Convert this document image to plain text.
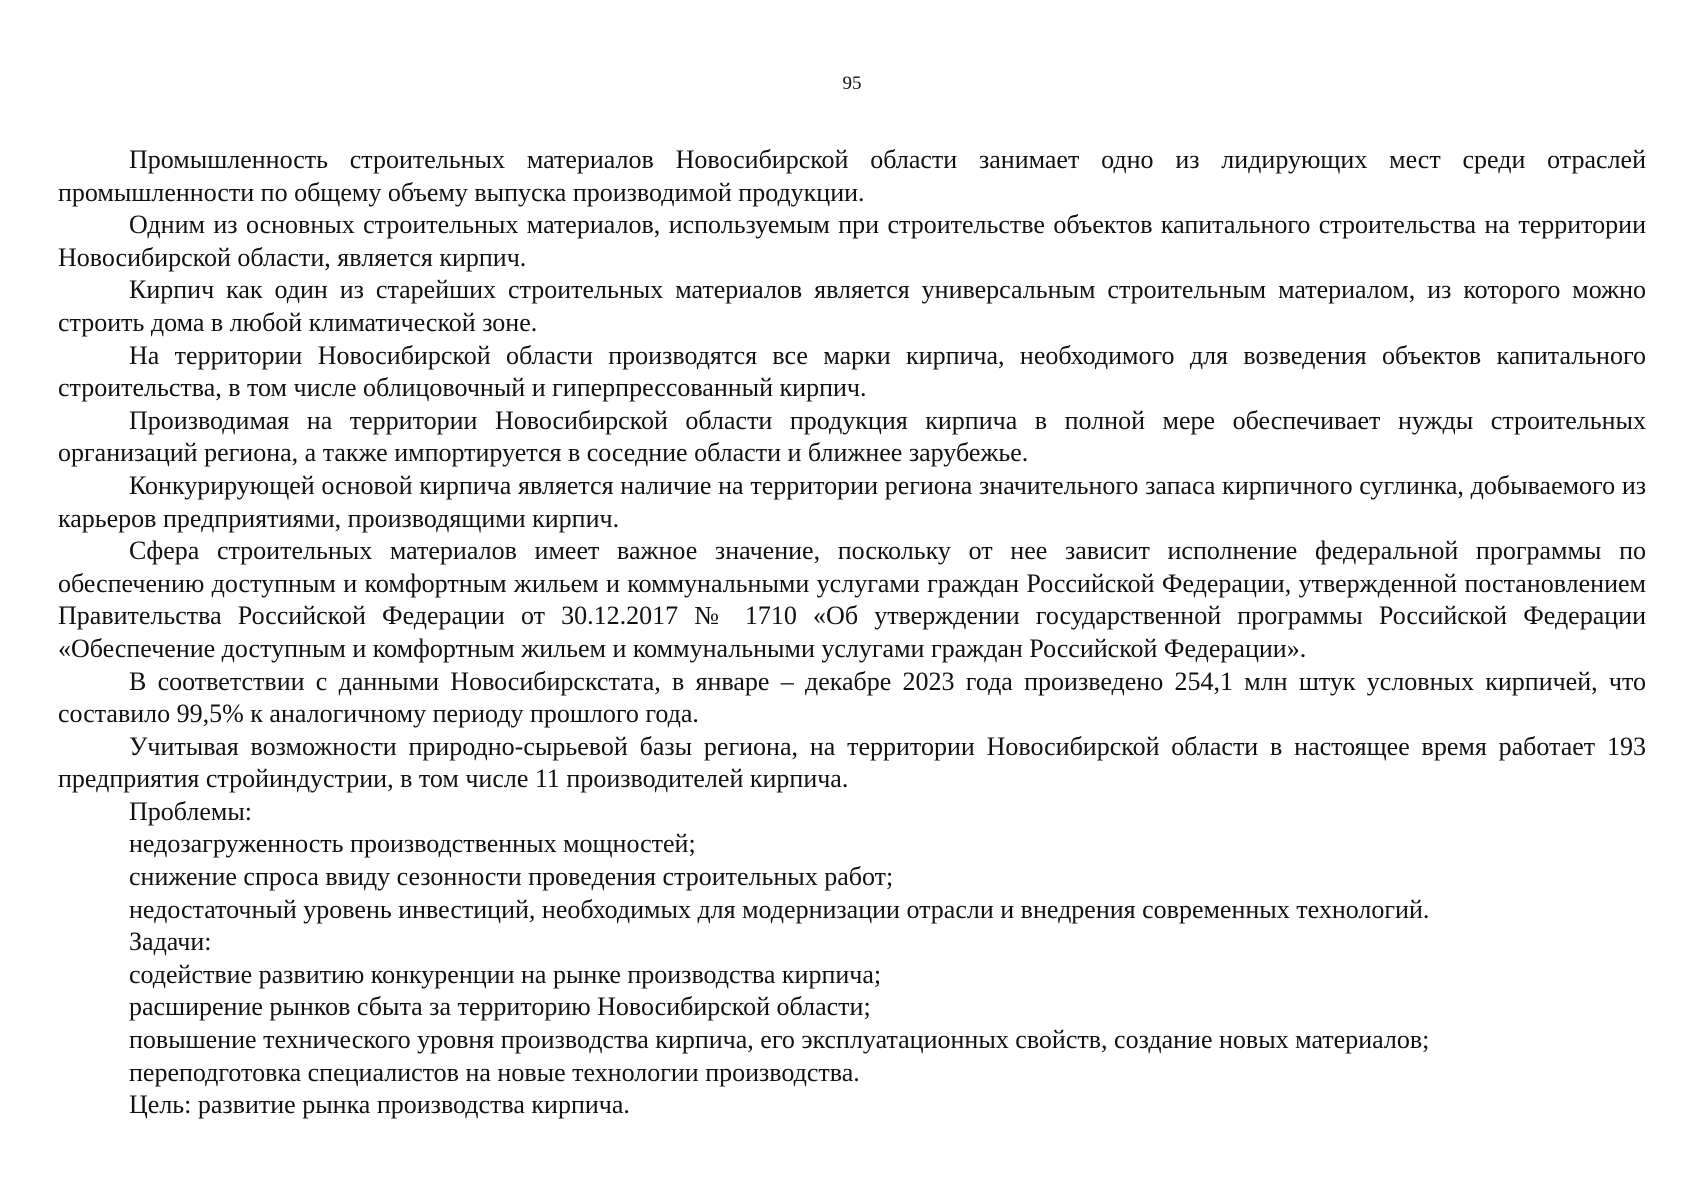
95

Промышленность строительных материалов Новосибирской области занимает одно из лидирующих мест среди отраслей промышленности по общему объему выпуска производимой продукции.

Одним из основных строительных материалов, используемым при строительстве объектов капитального строительства на территории Новосибирской области, является кирпич.

Кирпич как один из старейших строительных материалов является универсальным строительным материалом, из которого можно строить дома в любой климатической зоне.

На территории Новосибирской области производятся все марки кирпича, необходимого для возведения объектов капитального строительства, в том числе облицовочный и гиперпрессованный кирпич.

Производимая на территории Новосибирской области продукция кирпича в полной мере обеспечивает нужды строительных организаций региона, а также импортируется в соседние области и ближнее зарубежье.

Конкурирующей основой кирпича является наличие на территории региона значительного запаса кирпичного суглинка, добываемого из карьеров предприятиями, производящими кирпич.

Сфера строительных материалов имеет важное значение, поскольку от нее зависит исполнение федеральной программы по обеспечению доступным и комфортным жильем и коммунальными услугами граждан Российской Федерации, утвержденной постановлением Правительства Российской Федерации от 30.12.2017 № 1710 «Об утверждении государственной программы Российской Федерации «Обеспечение доступным и комфортным жильем и коммунальными услугами граждан Российской Федерации».

В соответствии с данными Новосибирскстата, в январе – декабре 2023 года произведено 254,1 млн штук условных кирпичей, что составило 99,5% к аналогичному периоду прошлого года.

Учитывая возможности природно-сырьевой базы региона, на территории Новосибирской области в настоящее время работает 193 предприятия стройиндустрии, в том числе 11 производителей кирпича.

Проблемы:

недозагруженность производственных мощностей;

снижение спроса ввиду сезонности проведения строительных работ;

недостаточный уровень инвестиций, необходимых для модернизации отрасли и внедрения современных технологий.

Задачи:

содействие развитию конкуренции на рынке производства кирпича;

расширение рынков сбыта за территорию Новосибирской области;

повышение технического уровня производства кирпича, его эксплуатационных свойств, создание новых материалов;

переподготовка специалистов на новые технологии производства.

Цель: развитие рынка производства кирпича.
